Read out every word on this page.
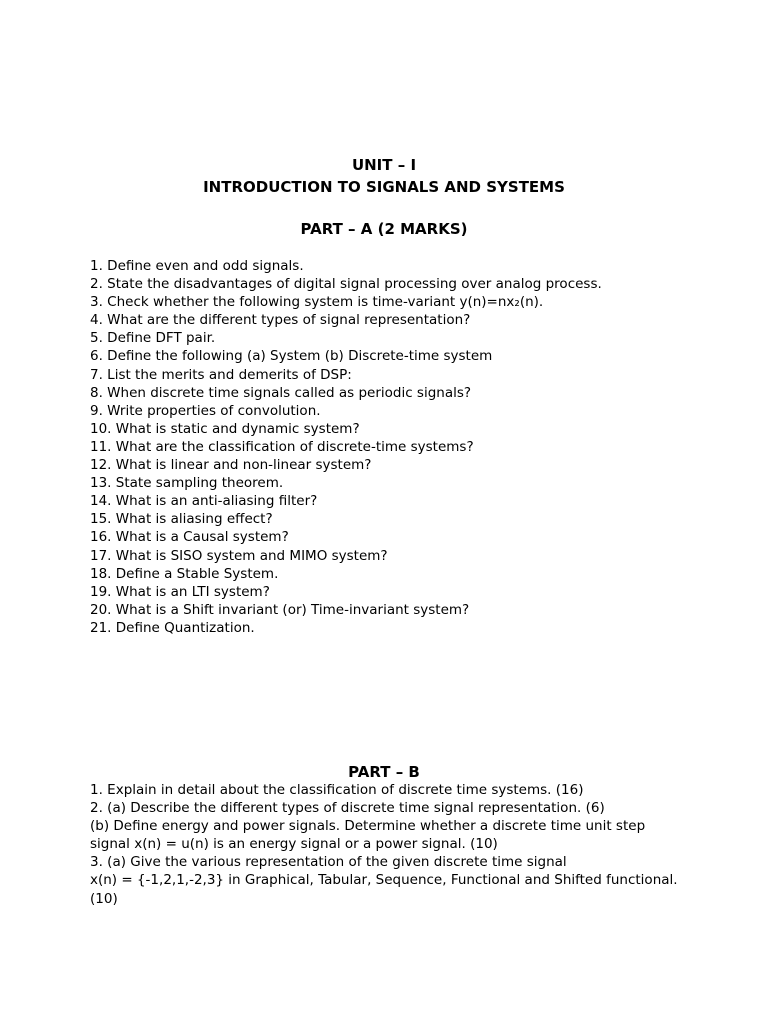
UNIT – I
INTRODUCTION TO SIGNALS AND SYSTEMS
PART – A (2 MARKS)
1. Define even and odd signals.
2. State the disadvantages of digital signal processing over analog process.
3. Check whether the following system is time-variant y(n)=nx₂(n).
4. What are the different types of signal representation?
5. Define DFT pair.
6. Define the following (a) System (b) Discrete-time system
7. List the merits and demerits of DSP:
8. When discrete time signals called as periodic signals?
9. Write properties of convolution.
10. What is static and dynamic system?
11. What are the classification of discrete-time systems?
12. What is linear and non-linear system?
13. State sampling theorem.
14. What is an anti-aliasing filter?
15. What is aliasing effect?
16. What is a Causal system?
17. What is SISO system and MIMO system?
18. Define a Stable System.
19. What is an LTI system?
20. What is a Shift invariant (or) Time-invariant system?
21. Define Quantization.
PART – B
1. Explain in detail about the classification of discrete time systems. (16)
2. (a) Describe the different types of discrete time signal representation. (6)
(b) Define energy and power signals. Determine whether a discrete time unit step
signal x(n) = u(n) is an energy signal or a power signal. (10)
3. (a) Give the various representation of the given discrete time signal
x(n) = {-1,2,1,-2,3} in Graphical, Tabular, Sequence, Functional and Shifted functional. (10)
